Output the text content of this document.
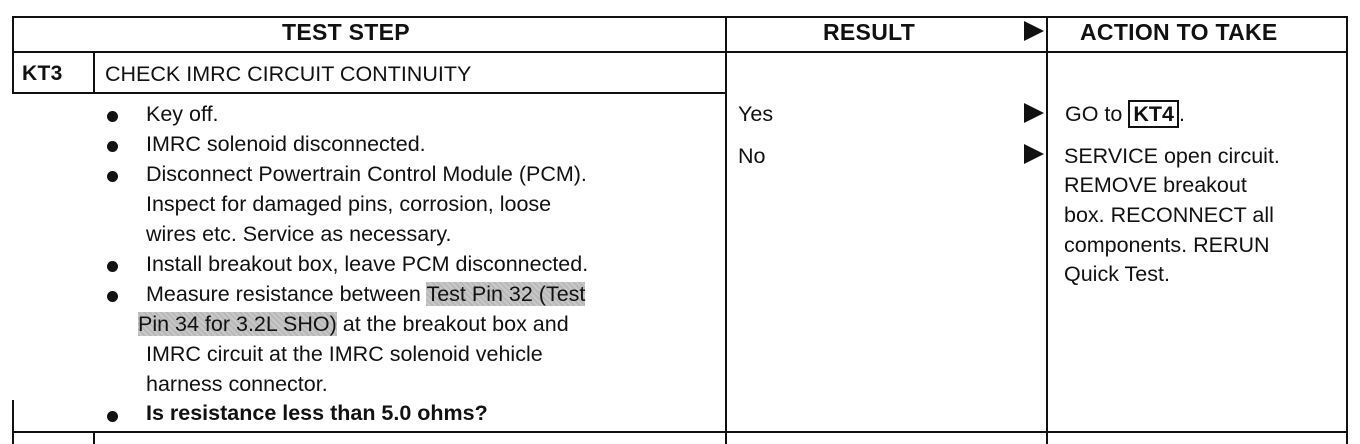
TEST STEP	RESULT	ACTION TO TAKE
KT3 CHECK IMRC CIRCUIT CONTINUITY
Key off.
IMRC solenoid disconnected.
Disconnect Powertrain Control Module (PCM).
Inspect for damaged pins, corrosion, loose
wires etc. Service as necessary.
Install breakout box, leave PCM disconnected.
Measure resistance between Test Pin 32 (Test
Pin 34 for 3.2L SHO) at the breakout box and
IMRC circuit at the IMRC solenoid vehicle
harness connector.
Is resistance less than 5.0 ohms?
Yes
No
GO to KT4 .
SERVICE open circuit.
REMOVE breakout
box. RECONNECT all
components. RERUN
Quick Test.
